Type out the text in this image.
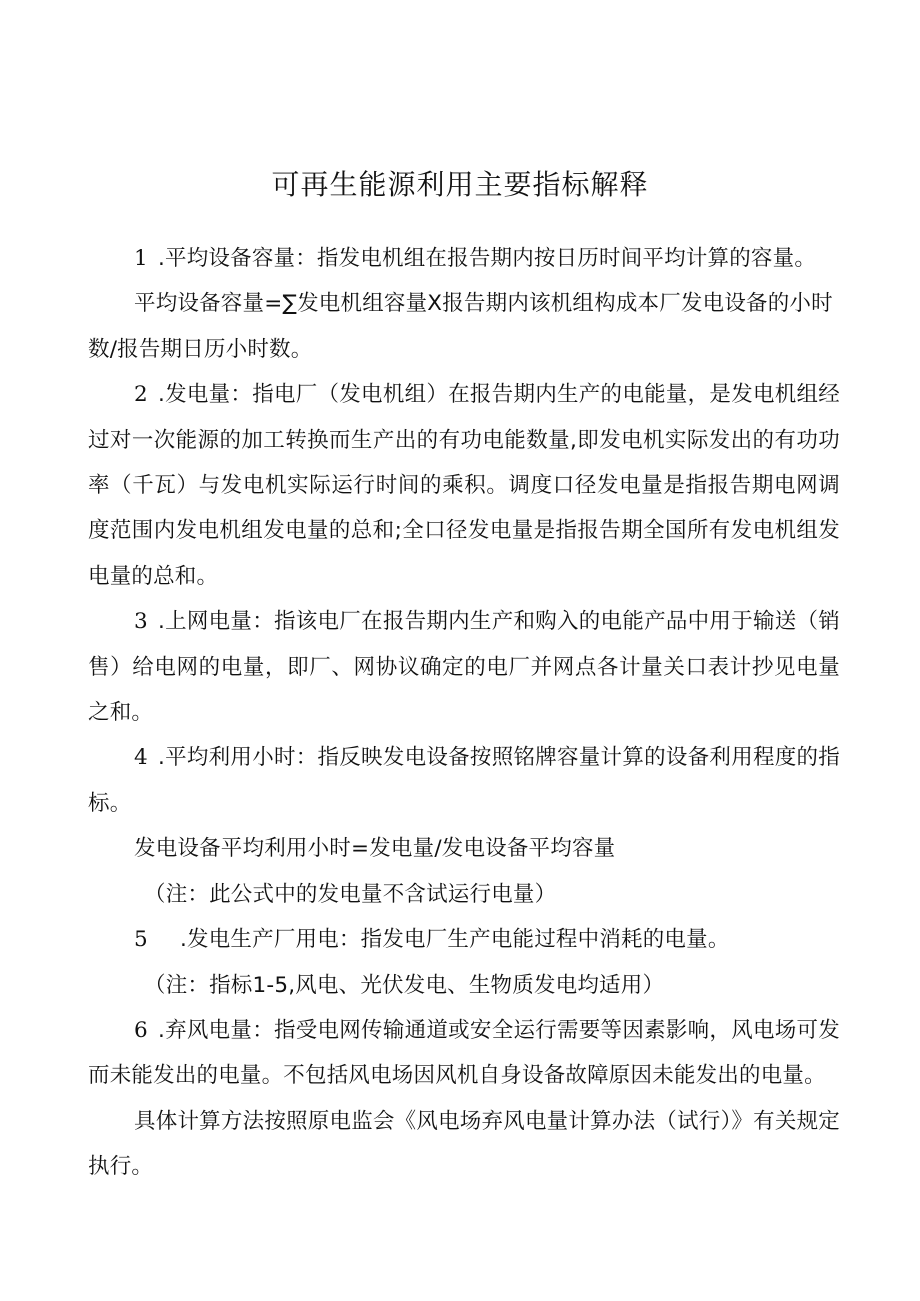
可再生能源利用主要指标解释

1 .平均设备容量：指发电机组在报告期内按日历时间平均计算的容量。

平均设备容量=∑发电机组容量X报告期内该机组构成本厂发电设备的小时数/报告期日历小时数。

2 .发电量：指电厂（发电机组）在报告期内生产的电能量，是发电机组经过对一次能源的加工转换而生产出的有功电能数量,即发电机实际发出的有功功率（千瓦）与发电机实际运行时间的乘积。调度口径发电量是指报告期电网调度范围内发电机组发电量的总和;全口径发电量是指报告期全国所有发电机组发电量的总和。

3 .上网电量：指该电厂在报告期内生产和购入的电能产品中用于输送（销售）给电网的电量，即厂、网协议确定的电厂并网点各计量关口表计抄见电量之和。

4 .平均利用小时：指反映发电设备按照铭牌容量计算的设备利用程度的指标。

发电设备平均利用小时=发电量/发电设备平均容量

（注：此公式中的发电量不含试运行电量）

5 .发电生产厂用电：指发电厂生产电能过程中消耗的电量。

（注：指标1-5,风电、光伏发电、生物质发电均适用）

6 .弃风电量：指受电网传输通道或安全运行需要等因素影响，风电场可发而未能发出的电量。不包括风电场因风机自身设备故障原因未能发出的电量。

具体计算方法按照原电监会《风电场弃风电量计算办法（试行）》有关规定执行。
